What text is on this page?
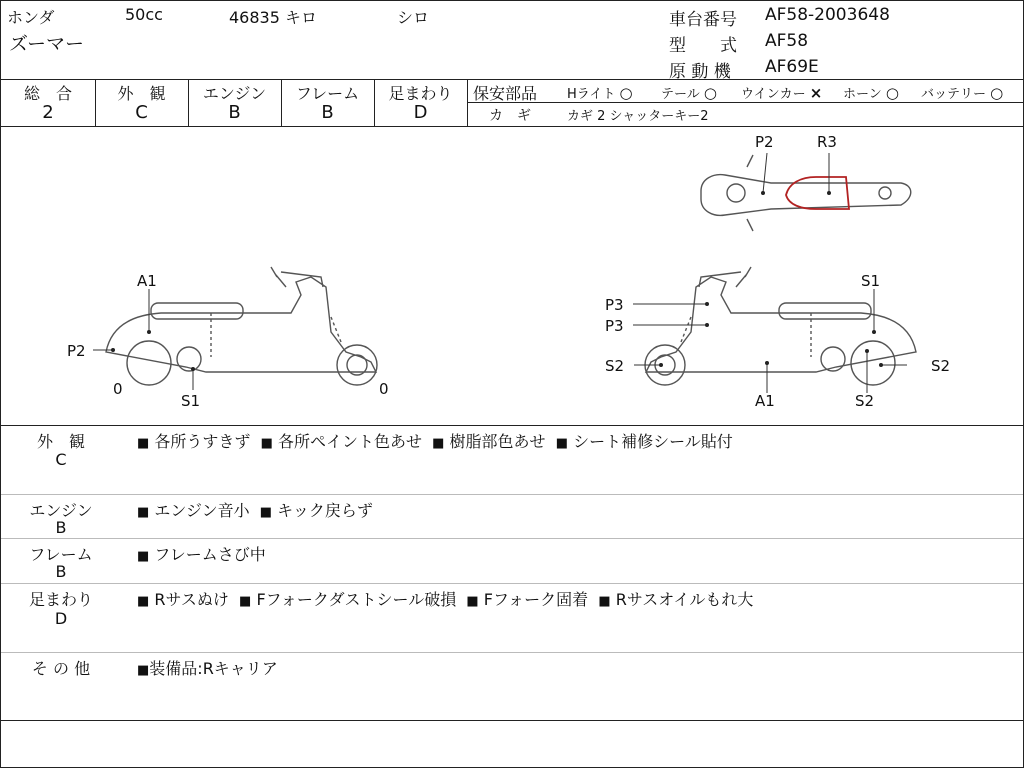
ホンダ	50cc	46835 キロ	シロ
ズーマー
車台番号 AF58-2003648
型　　式 AF58
原 動 機 AF69E
総　合	外　観	エンジン	フレーム	足まわり
2	C	B	B	D
保安部品 Hライト ○ テール ○ ウインカー × ホーン ○ バッテリー ○
カ　ギ	カギ 2 シャッターキー2
P2	R3
A1
P2
S1
0	0
P3
P3
S1
S2	S2
S2
A1
外　観
C
■ 各所うすきず ■ 各所ペイント色あせ ■ 樹脂部色あせ ■ シート補修シール貼付
エンジン
B
■ エンジン音小 ■ キック戻らず
フレーム
B
■ フレームさび中
足まわり
D
■ Rサスぬけ ■ Fフォークダストシール破損 ■ Fフォーク固着 ■ Rサスオイルもれ大
そ の 他	■装備品:Rキャリア
